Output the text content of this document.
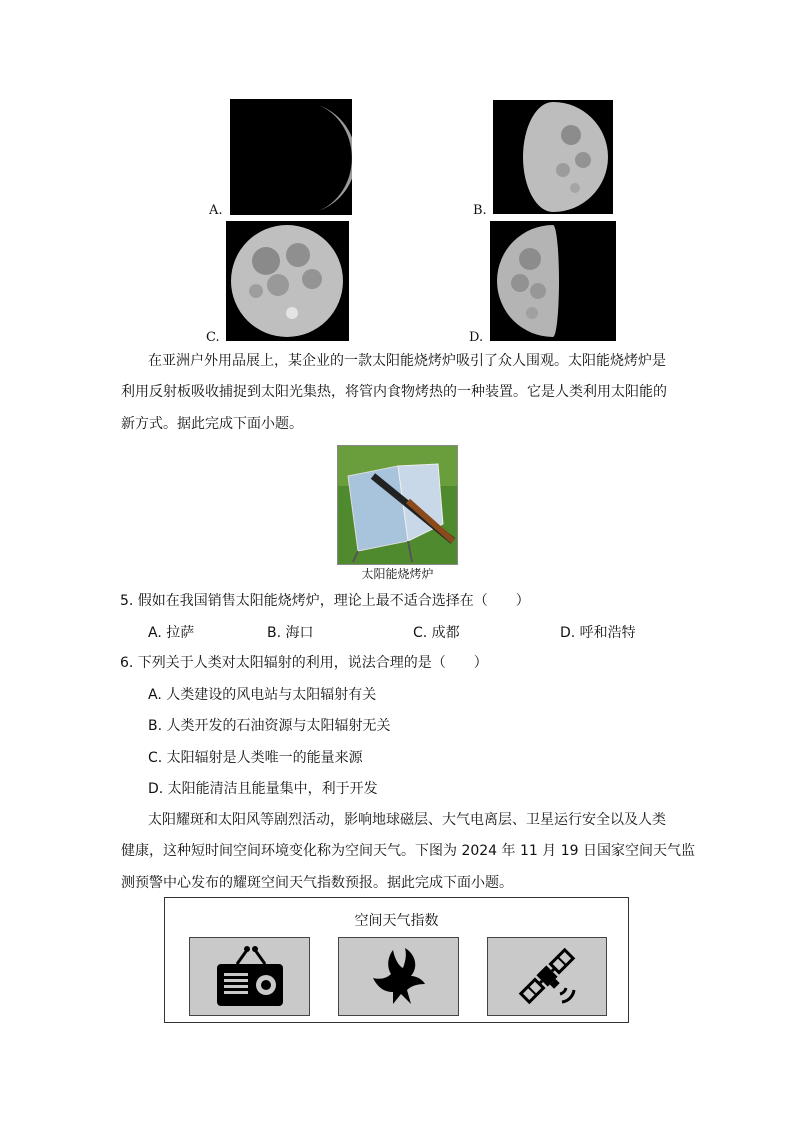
A.	B.
C.	D.
在亚洲户外用品展上，某企业的一款太阳能烧烤炉吸引了众人围观。太阳能烧烤炉是
利用反射板吸收捕捉到太阳光集热，将管内食物烤热的一种装置。它是人类利用太阳能的
新方式。据此完成下面小题。
太阳能烧烤炉
5. 假如在我国销售太阳能烧烤炉，理论上最不适合选择在（　　）
A. 拉萨	B. 海口	C. 成都	D. 呼和浩特
6. 下列关于人类对太阳辐射的利用，说法合理的是（　　）
A. 人类建设的风电站与太阳辐射有关
B. 人类开发的石油资源与太阳辐射无关
C. 太阳辐射是人类唯一的能量来源
D. 太阳能清洁且能量集中，利于开发
太阳耀斑和太阳风等剧烈活动，影响地球磁层、大气电离层、卫星运行安全以及人类
健康，这种短时间空间环境变化称为空间天气。下图为 2024 年 11 月 19 日国家空间天气监
测预警中心发布的耀斑空间天气指数预报。据此完成下面小题。
空间天气指数
